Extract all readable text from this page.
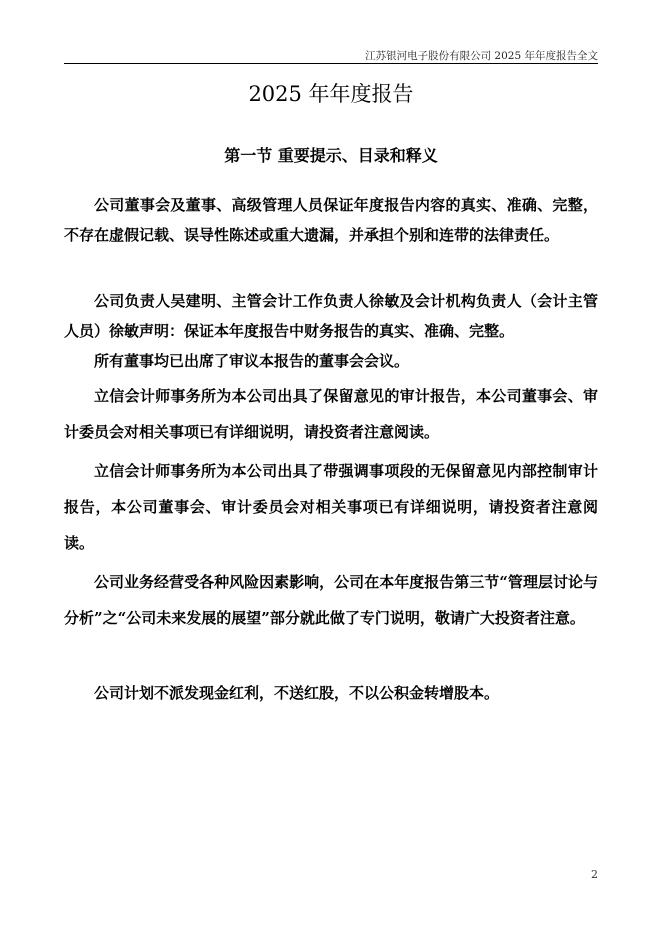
江苏银河电子股份有限公司 2025 年年度报告全文
2025 年年度报告
第一节 重要提示、目录和释义

公司董事会及董事、高级管理人员保证年度报告内容的真实、准确、完整，不存在虚假记载、误导性陈述或重大遗漏，并承担个别和连带的法律责任。

公司负责人吴建明、主管会计工作负责人徐敏及会计机构负责人（会计主管人员）徐敏声明：保证本年度报告中财务报告的真实、准确、完整。

所有董事均已出席了审议本报告的董事会会议。

立信会计师事务所为本公司出具了保留意见的审计报告，本公司董事会、审计委员会对相关事项已有详细说明，请投资者注意阅读。

立信会计师事务所为本公司出具了带强调事项段的无保留意见内部控制审计报告，本公司董事会、审计委员会对相关事项已有详细说明，请投资者注意阅读。

公司业务经营受各种风险因素影响，公司在本年度报告第三节“管理层讨论与分析”之“公司未来发展的展望”部分就此做了专门说明，敬请广大投资者注意。

公司计划不派发现金红利，不送红股，不以公积金转增股本。

2
